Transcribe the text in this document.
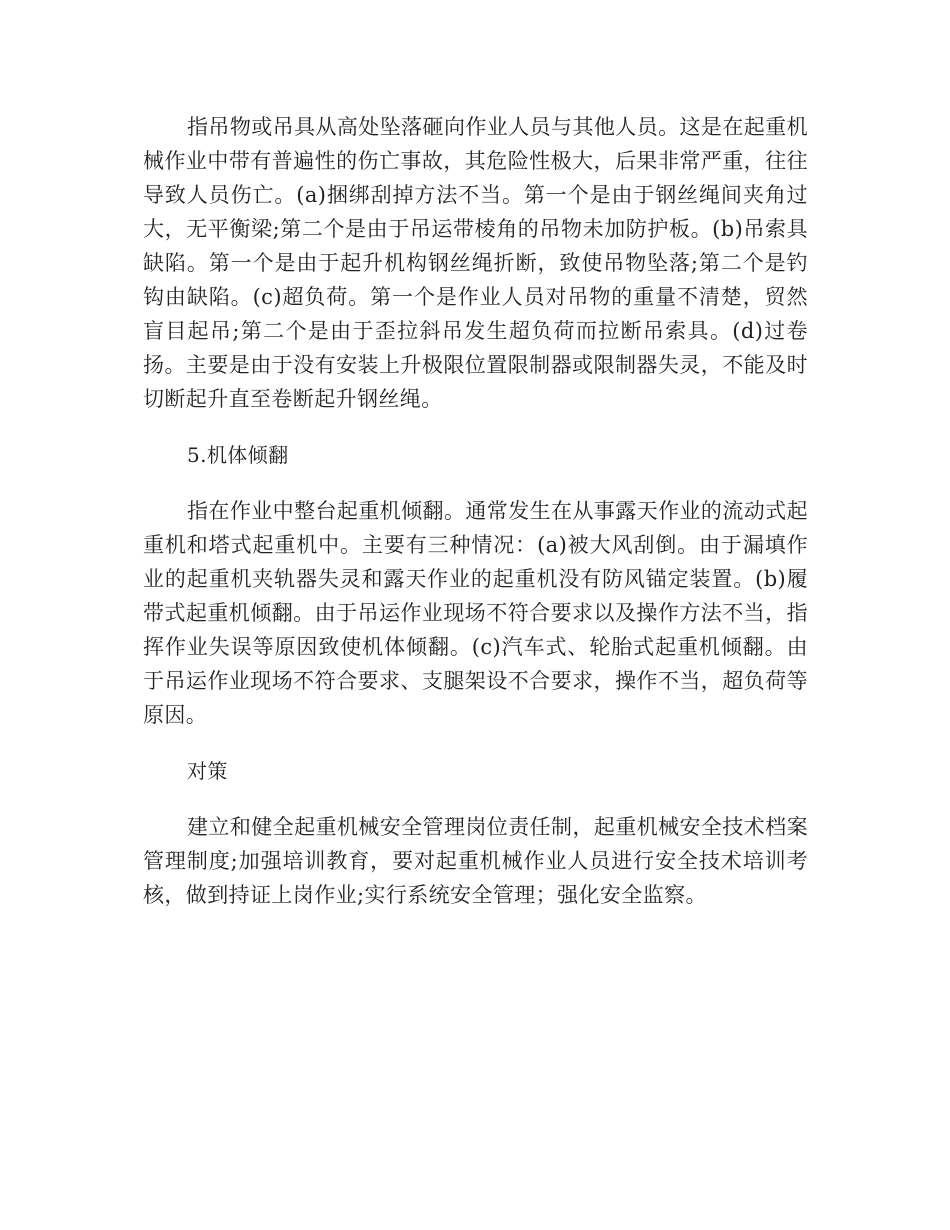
指吊物或吊具从高处坠落砸向作业人员与其他人员。这是在起重机械作业中带有普遍性的伤亡事故，其危险性极大，后果非常严重，往往导致人员伤亡。(a)捆绑刮掉方法不当。第一个是由于钢丝绳间夹角过大，无平衡梁;第二个是由于吊运带棱角的吊物未加防护板。(b)吊索具缺陷。第一个是由于起升机构钢丝绳折断，致使吊物坠落;第二个是钓钩由缺陷。(c)超负荷。第一个是作业人员对吊物的重量不清楚，贸然盲目起吊;第二个是由于歪拉斜吊发生超负荷而拉断吊索具。(d)过卷扬。主要是由于没有安装上升极限位置限制器或限制器失灵，不能及时切断起升直至卷断起升钢丝绳。

5.机体倾翻

指在作业中整台起重机倾翻。通常发生在从事露天作业的流动式起重机和塔式起重机中。主要有三种情况：(a)被大风刮倒。由于漏填作业的起重机夹轨器失灵和露天作业的起重机没有防风锚定装置。(b)履带式起重机倾翻。由于吊运作业现场不符合要求以及操作方法不当，指挥作业失误等原因致使机体倾翻。(c)汽车式、轮胎式起重机倾翻。由于吊运作业现场不符合要求、支腿架设不合要求，操作不当，超负荷等原因。

对策

建立和健全起重机械安全管理岗位责任制，起重机械安全技术档案管理制度;加强培训教育，要对起重机械作业人员进行安全技术培训考核，做到持证上岗作业;实行系统安全管理；强化安全监察。
